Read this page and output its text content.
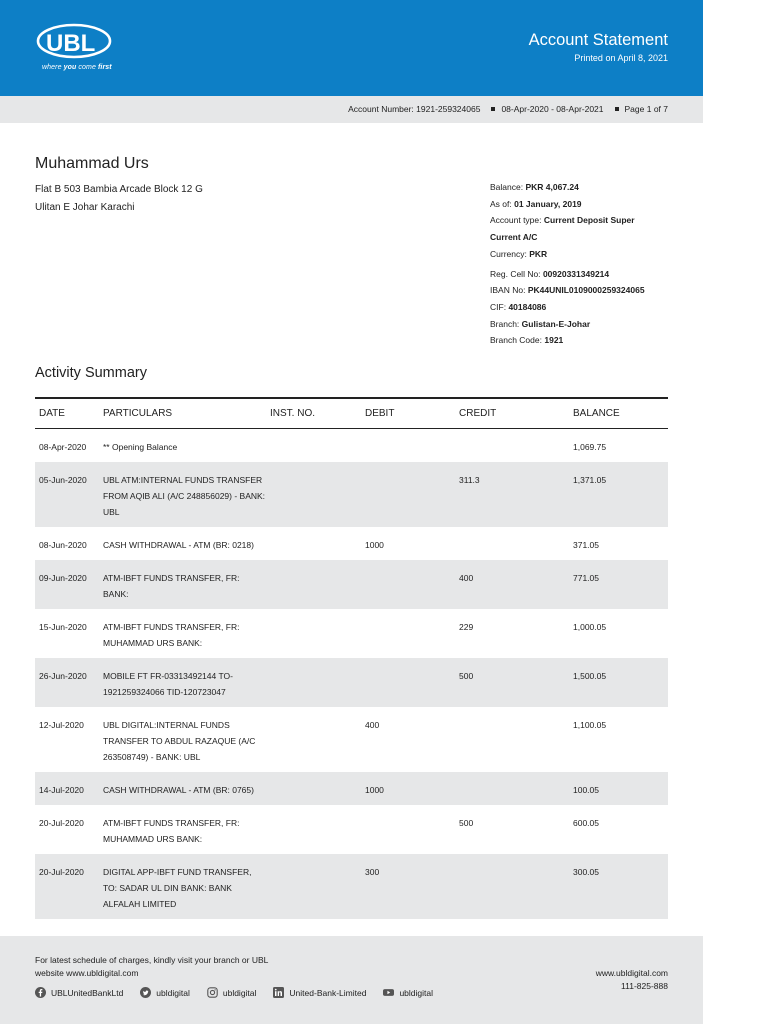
UBL
where you come first
Account Statement
Printed on April 8, 2021
Account Number: 1921-259324065 08-Apr-2020 - 08-Apr-2021 Page 1 of 7
Muhammad Urs
Flat B 503 Bambia Arcade Block 12 G
Ulitan E Johar Karachi
Balance: PKR 4,067.24
As of: 01 January, 2019
Account type: Current Deposit Super
Current A/C
Currency: PKR
Reg. Cell No: 00920331349214
IBAN No: PK44UNIL0109000259324065
CIF: 40184086
Branch: Gulistan-E-Johar
Branch Code: 1921
Activity Summary
DATE	PARTICULARS	INST. NO.	DEBIT	CREDIT	BALANCE
08-Apr-2020	** Opening Balance				1,069.75
05-Jun-2020	UBL ATM:INTERNAL FUNDS TRANSFER FROM AQIB ALI (A/C 248856029) - BANK: UBL			311.3	1,371.05
08-Jun-2020	CASH WITHDRAWAL - ATM (BR: 0218)		1000		371.05
09-Jun-2020	ATM-IBFT FUNDS TRANSFER, FR: BANK:			400	771.05
15-Jun-2020	ATM-IBFT FUNDS TRANSFER, FR: MUHAMMAD URS BANK:			229	1,000.05
26-Jun-2020	MOBILE FT FR-03313492144 TO-1921259324066 TID-120723047			500	1,500.05
12-Jul-2020	UBL DIGITAL:INTERNAL FUNDS TRANSFER TO ABDUL RAZAQUE (A/C 263508749) - BANK: UBL		400		1,100.05
14-Jul-2020	CASH WITHDRAWAL - ATM (BR: 0765)		1000		100.05
20-Jul-2020	ATM-IBFT FUNDS TRANSFER, FR: MUHAMMAD URS BANK:			500	600.05
20-Jul-2020	DIGITAL APP-IBFT FUND TRANSFER, TO: SADAR UL DIN BANK: BANK ALFALAH LIMITED		300		300.05
For latest schedule of charges, kindly visit your branch or UBL website www.ubldigital.com
UBLUnitedBankLtd	ubldigital	ubldigital	United-Bank-Limited	ubldigital
www.ubldigital.com
111-825-888
